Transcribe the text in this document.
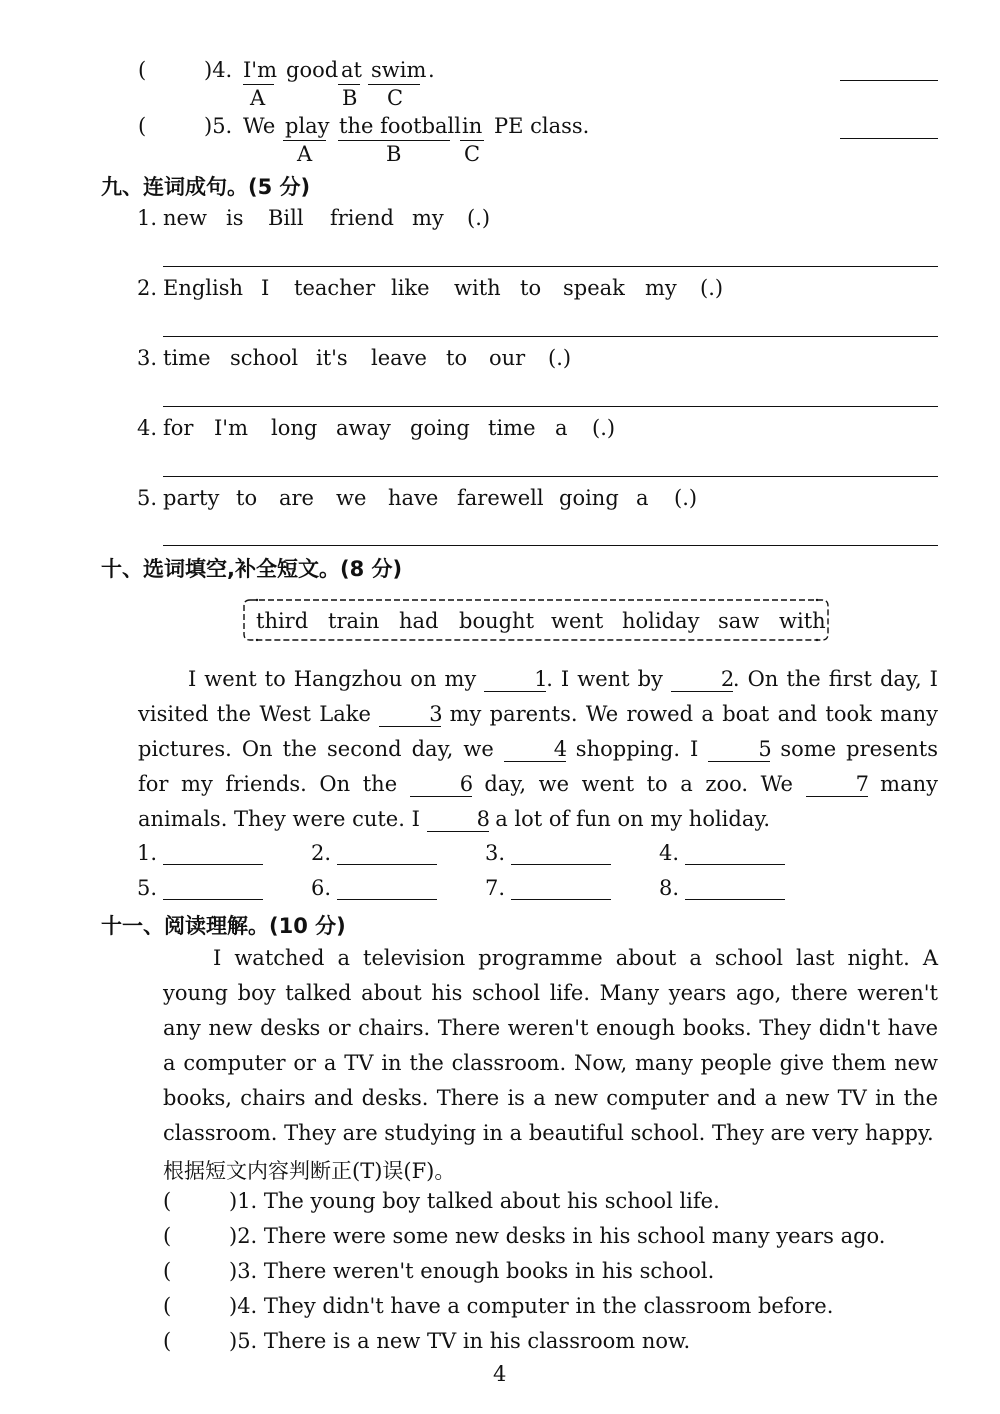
(	)4. I'm good at swim .
A	B C
(	)5. We play the football in PE class.
A	B	C
九、连词成句。(5 分)
1. new is Bill friend my (.)
2. English I teacher like with to speak my (.)
3. time school it's leave to our (.)
4. for I'm long away going time a (.)
5. party to are we have farewell going a (.)
十、选词填空,补全短文。(8 分)
third train had bought went holiday saw with
I went to Hangzhou on my 1. I went by 2. On the first day, I visited the West Lake 3 my parents. We rowed a boat and took many pictures. On the second day, we 4 shopping. I 5 some presents for my friends. On the 6 day, we went to a zoo. We 7 many animals. They were cute. I 8 a lot of fun on my holiday.
1.	2.	3.	4.
5.	6.	7.	8.
十一、阅读理解。(10 分)
I watched a television programme about a school last night. A young boy talked about his school life. Many years ago, there weren't any new desks or chairs. There weren't enough books. They didn't have a computer or a TV in the classroom. Now, many people give them new books, chairs and desks. There is a new computer and a new TV in the classroom. They are studying in a beautiful school. They are very happy.
根据短文内容判断正(T)误(F)。
(	)1. The young boy talked about his school life.
(	)2. There were some new desks in his school many years ago.
(	)3. There weren't enough books in his school.
(	)4. They didn't have a computer in the classroom before.
(	)5. There is a new TV in his classroom now.
4
